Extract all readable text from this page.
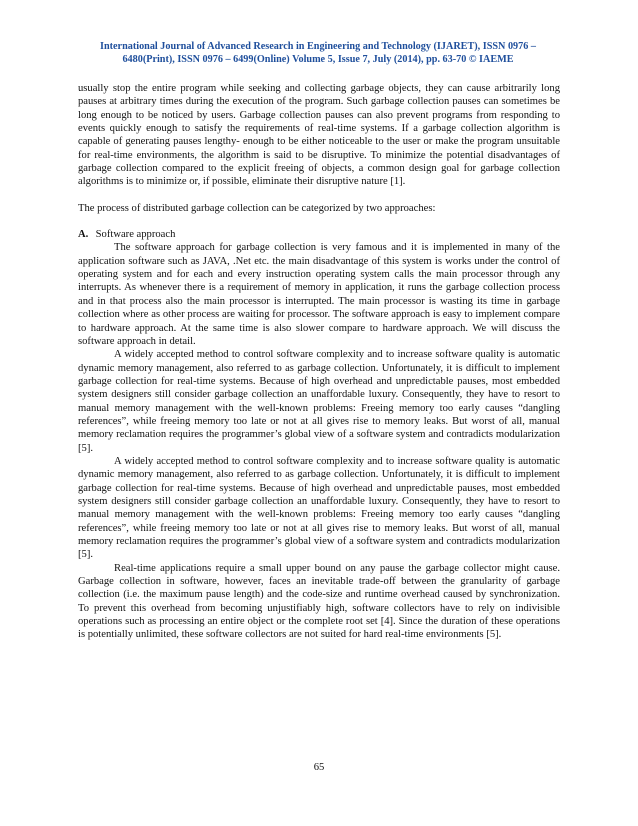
International Journal of Advanced Research in Engineering and Technology (IJARET), ISSN 0976 –
6480(Print), ISSN 0976 – 6499(Online) Volume 5, Issue 7, July (2014), pp. 63-70 © IAEME

usually stop the entire program while seeking and collecting garbage objects, they can cause arbitrarily long pauses at arbitrary times during the execution of the program. Such garbage collection pauses can sometimes be long enough to be noticed by users. Garbage collection pauses can also prevent programs from responding to events quickly enough to satisfy the requirements of real-time systems. If a garbage collection algorithm is capable of generating pauses lengthy- enough to be either noticeable to the user or make the program unsuitable for real-time environments, the algorithm is said to be disruptive. To minimize the potential disadvantages of garbage collection compared to the explicit freeing of objects, a common design goal for garbage collection algorithms is to minimize or, if possible, eliminate their disruptive nature [1].

The process of distributed garbage collection can be categorized by two approaches:

A. Software approach

The software approach for garbage collection is very famous and it is implemented in many of the application software such as JAVA, .Net etc. the main disadvantage of this system is works under the control of operating system and for each and every instruction operating system calls the main processor through any interrupts. As whenever there is a requirement of memory in application, it runs the garbage collection process and in that process also the main processor is interrupted. The main processor is wasting its time in garbage collection where as other process are waiting for processor. The software approach is easy to implement compare to hardware approach. At the same time is also slower compare to hardware approach. We will discuss the software approach in detail.

A widely accepted method to control software complexity and to increase software quality is automatic dynamic memory management, also referred to as garbage collection. Unfortunately, it is difficult to implement garbage collection for real-time systems. Because of high overhead and unpredictable pauses, most embedded system designers still consider garbage collection an unaffordable luxury. Consequently, they have to resort to manual memory management with the well-known problems: Freeing memory too early causes “dangling references”, while freeing memory too late or not at all gives rise to memory leaks. But worst of all, manual memory reclamation requires the programmer’s global view of a software system and contradicts modularization [5].

A widely accepted method to control software complexity and to increase software quality is automatic dynamic memory management, also referred to as garbage collection. Unfortunately, it is difficult to implement garbage collection for real-time systems. Because of high overhead and unpredictable pauses, most embedded system designers still consider garbage collection an unaffordable luxury. Consequently, they have to resort to manual memory management with the well-known problems: Freeing memory too early causes “dangling references”, while freeing memory too late or not at all gives rise to memory leaks. But worst of all, manual memory reclamation requires the programmer’s global view of a software system and contradicts modularization [5].

Real-time applications require a small upper bound on any pause the garbage collector might cause. Garbage collection in software, however, faces an inevitable trade-off between the granularity of garbage collection (i.e. the maximum pause length) and the code-size and runtime overhead caused by synchronization. To prevent this overhead from becoming unjustifiably high, software collectors have to rely on indivisible operations such as processing an entire object or the complete root set [4]. Since the duration of these operations is potentially unlimited, these software collectors are not suited for hard real-time environments [5].

65
